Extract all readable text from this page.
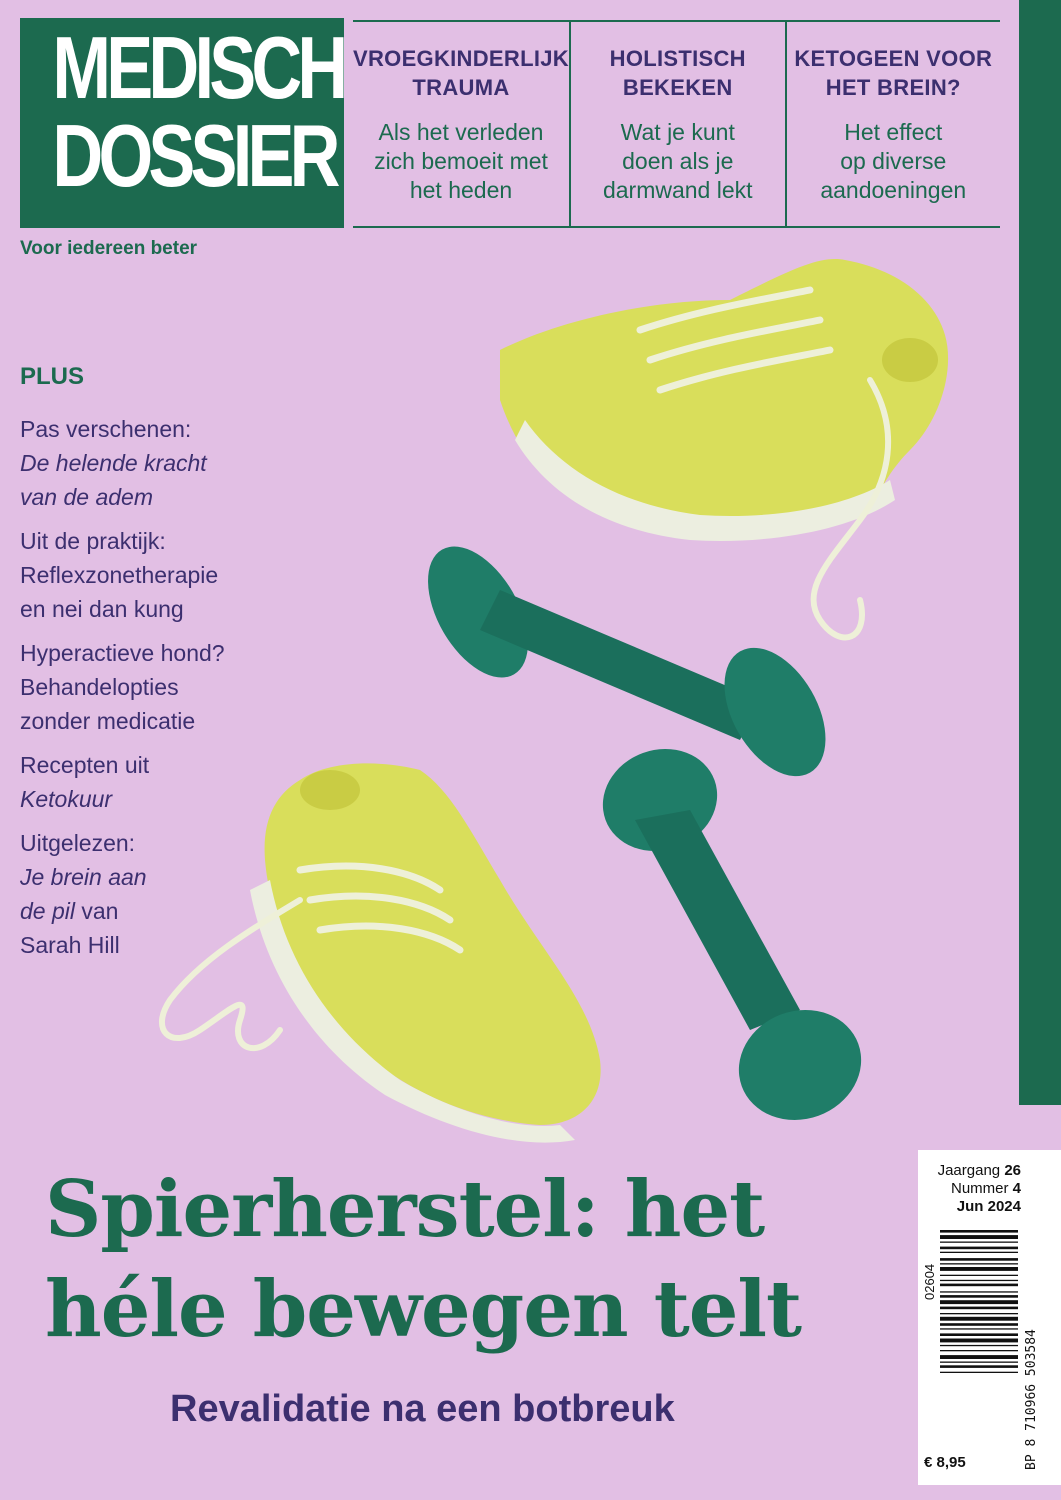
MEDISCH
DOSSIER
Voor iedereen beter
VROEGKINDERLIJK
TRAUMA
Als het verleden
zich bemoeit met
het heden
HOLISTISCH
BEKEKEN
Wat je kunt
doen als je
darmwand lekt
KETOGEEN VOOR
HET BREIN?
Het effect
op diverse
aandoeningen
PLUS
Pas verschenen:
De helende kracht
van de adem
Uit de praktijk:
Reflexzonetherapie
en nei dan kung
Hyperactieve hond?
Behandelopties
zonder medicatie
Recepten uit
Ketokuur
Uitgelezen:
Je brein aan
de pil van
Sarah Hill
Spierherstel: het
héle bewegen telt
Revalidatie na een botbreuk
Jaargang 26
Nummer 4
Jun 2024
02604
BP 8 710966 503584
€ 8,95
